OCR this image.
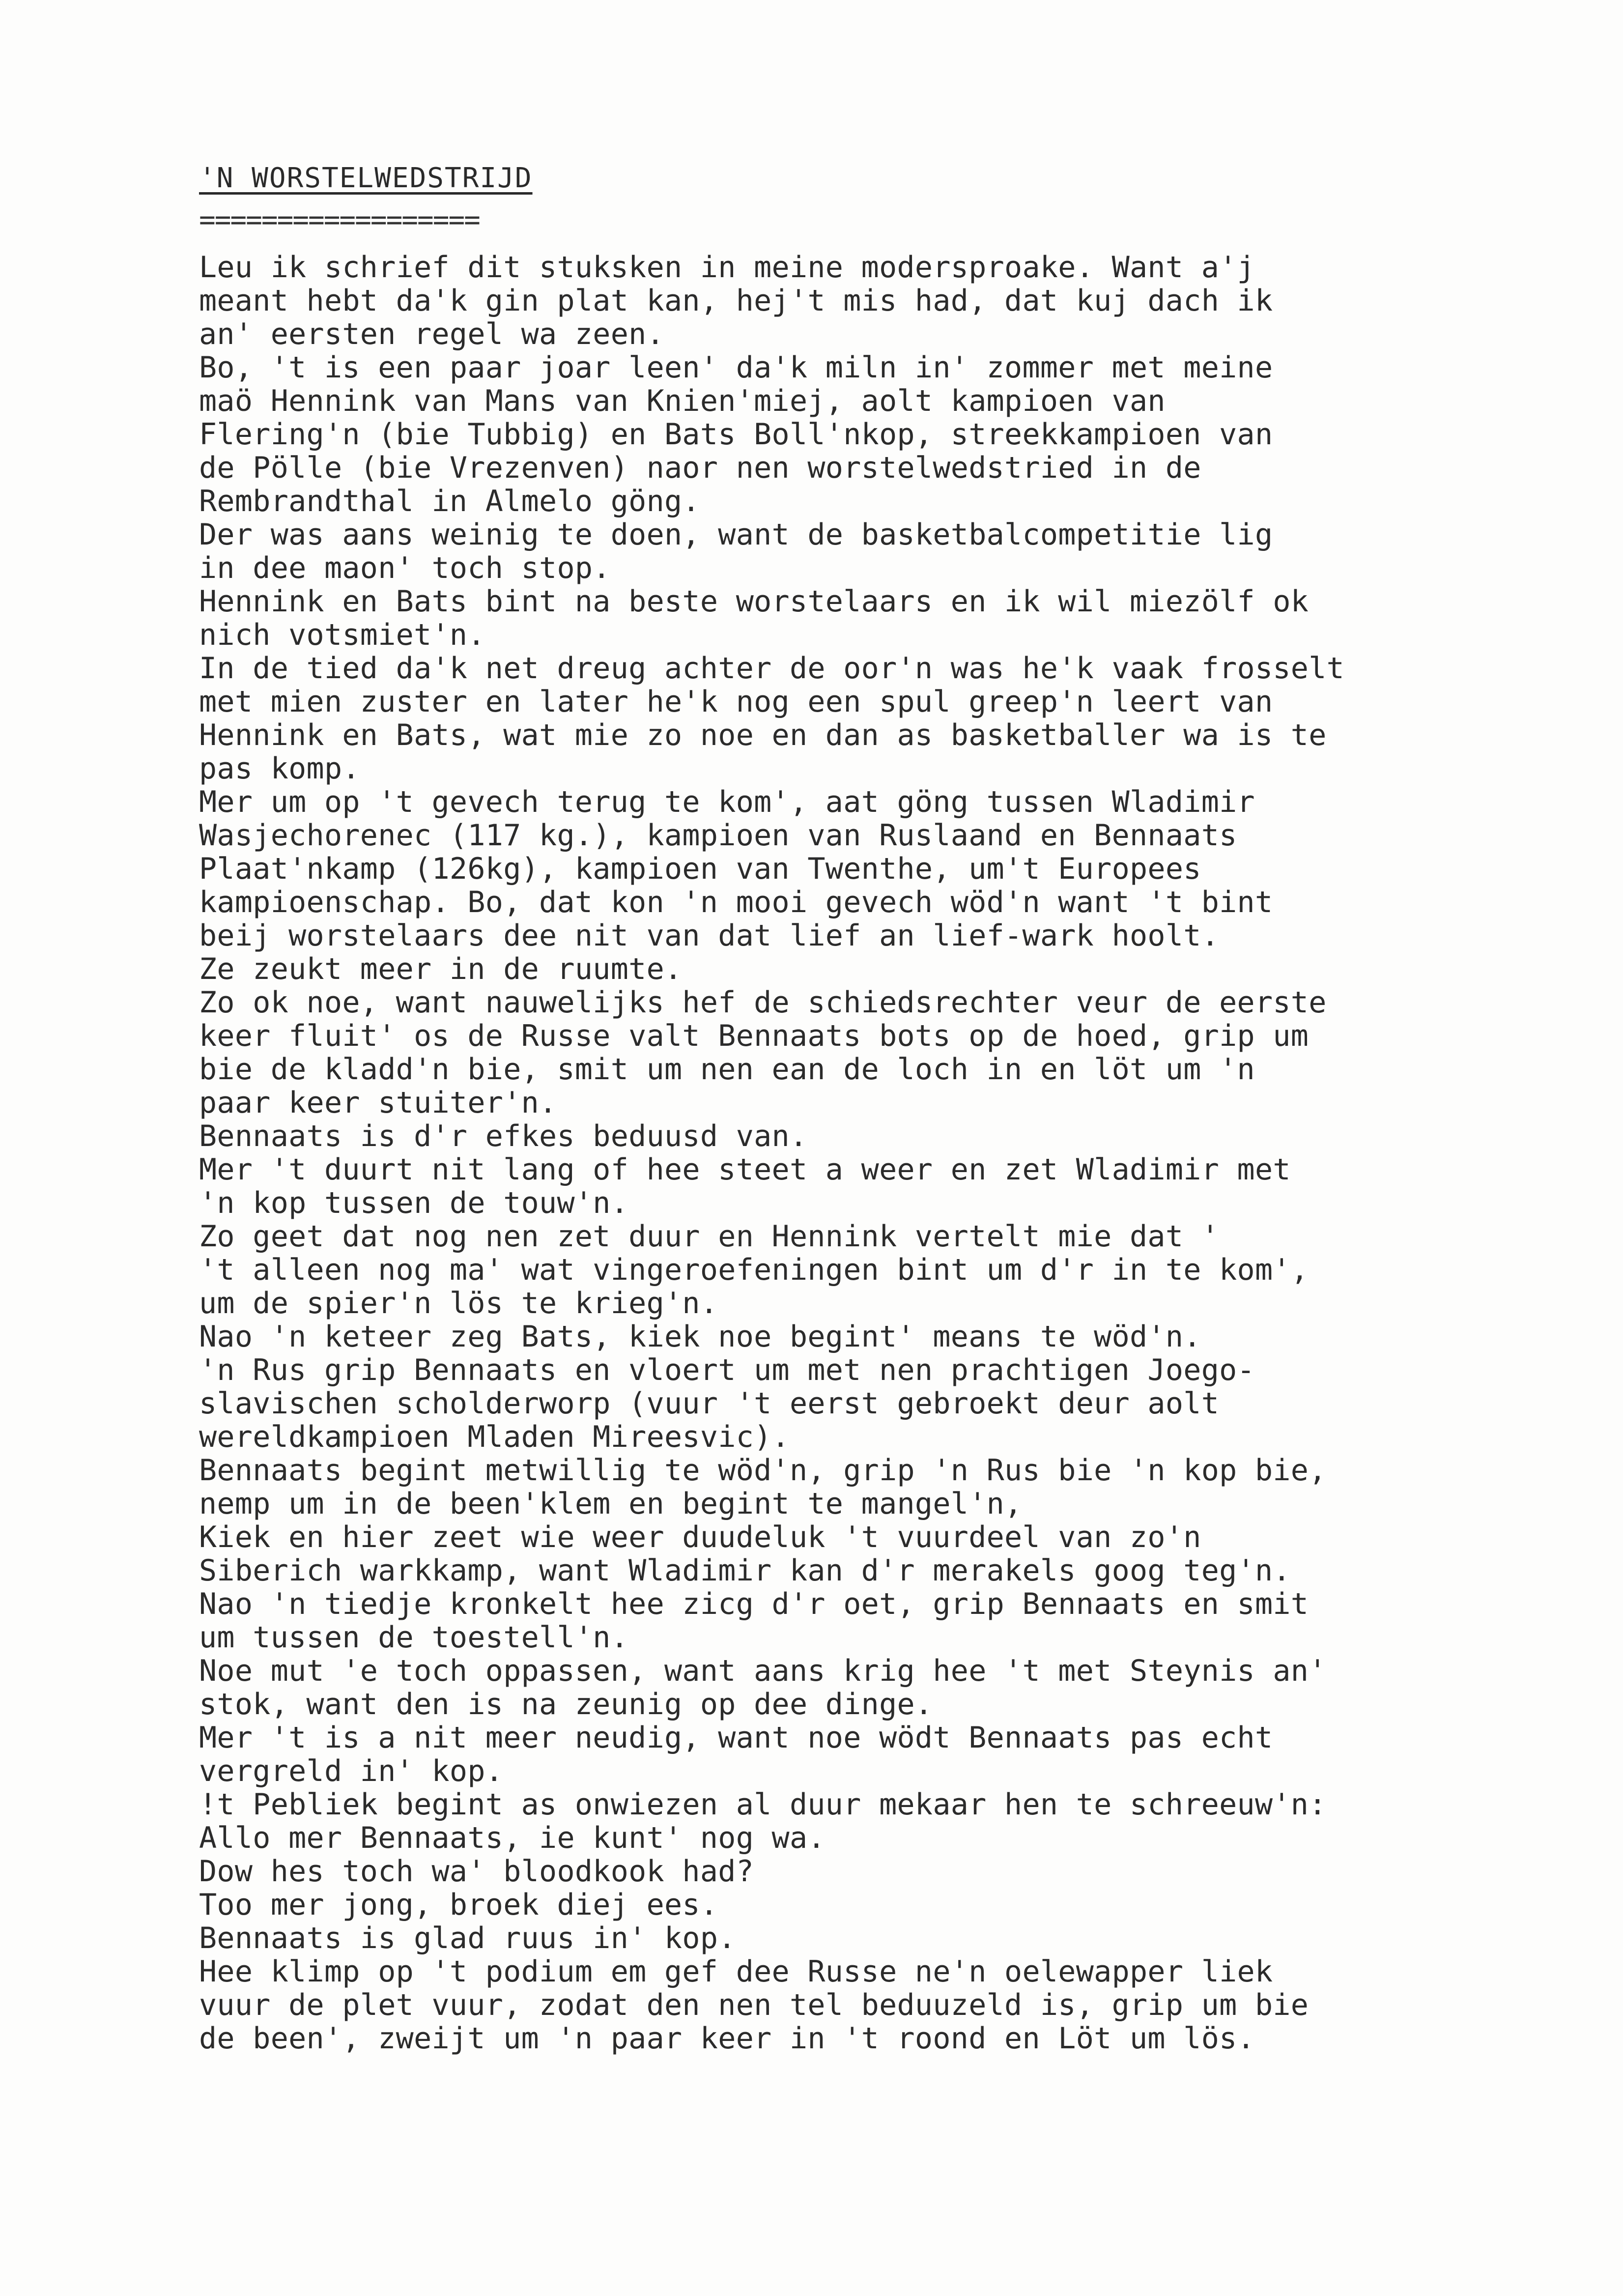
'N WORSTELWEDSTRIJD
==================
Leu ik schrief dit stuksken in meine modersproake. Want a'j
meant hebt da'k gin plat kan, hej't mis had, dat kuj dach ik
an' eersten regel wa zeen.
Bo, 't is een paar joar leen' da'k miln in' zommer met meine
maö Hennink van Mans van Knien'miej, aolt kampioen van
Flering'n (bie Tubbig) en Bats Boll'nkop, streekkampioen van
de Pölle (bie Vrezenven) naor nen worstelwedstried in de
Rembrandthal in Almelo göng.
Der was aans weinig te doen, want de basketbalcompetitie lig
in dee maon' toch stop.
Hennink en Bats bint na beste worstelaars en ik wil miezölf ok
nich votsmiet'n.
In de tied da'k net dreug achter de oor'n was he'k vaak frosselt
met mien zuster en later he'k nog een spul greep'n leert van
Hennink en Bats, wat mie zo noe en dan as basketballer wa is te
pas komp.
Mer um op 't gevech terug te kom', aat göng tussen Wladimir
Wasjechorenec (117 kg.), kampioen van Ruslaand en Bennaats
Plaat'nkamp (126kg), kampioen van Twenthe, um't Europees
kampioenschap. Bo, dat kon 'n mooi gevech wöd'n want 't bint
beij worstelaars dee nit van dat lief an lief-wark hoolt.
Ze zeukt meer in de ruumte.
Zo ok noe, want nauwelijks hef de schiedsrechter veur de eerste
keer fluit' os de Russe valt Bennaats bots op de hoed, grip um
bie de kladd'n bie, smit um nen ean de loch in en löt um 'n
paar keer stuiter'n.
Bennaats is d'r efkes beduusd van.
Mer 't duurt nit lang of hee steet a weer en zet Wladimir met
'n kop tussen de touw'n.
Zo geet dat nog nen zet duur en Hennink vertelt mie dat '
't alleen nog ma' wat vingeroefeningen bint um d'r in te kom',
um de spier'n lös te krieg'n.
Nao 'n keteer zeg Bats, kiek noe begint' means te wöd'n.
'n Rus grip Bennaats en vloert um met nen prachtigen Joego-
slavischen scholderworp (vuur 't eerst gebroekt deur aolt
wereldkampioen Mladen Mireesvic).
Bennaats begint metwillig te wöd'n, grip 'n Rus bie 'n kop bie,
nemp um in de been'klem en begint te mangel'n,
Kiek en hier zeet wie weer duudeluk 't vuurdeel van zo'n
Siberich warkkamp, want Wladimir kan d'r merakels goog teg'n.
Nao 'n tiedje kronkelt hee zicg d'r oet, grip Bennaats en smit
um tussen de toestell'n.
Noe mut 'e toch oppassen, want aans krig hee 't met Steynis an'
stok, want den is na zeunig op dee dinge.
Mer 't is a nit meer neudig, want noe wödt Bennaats pas echt
vergreld in' kop.
!t Pebliek begint as onwiezen al duur mekaar hen te schreeuw'n:
Allo mer Bennaats, ie kunt' nog wa.
Dow hes toch wa' bloodkook had?
Too mer jong, broek diej ees.
Bennaats is glad ruus in' kop.
Hee klimp op 't podium em gef dee Russe ne'n oelewapper liek
vuur de plet vuur, zodat den nen tel beduuzeld is, grip um bie
de been', zweijt um 'n paar keer in 't roond en Löt um lös.
